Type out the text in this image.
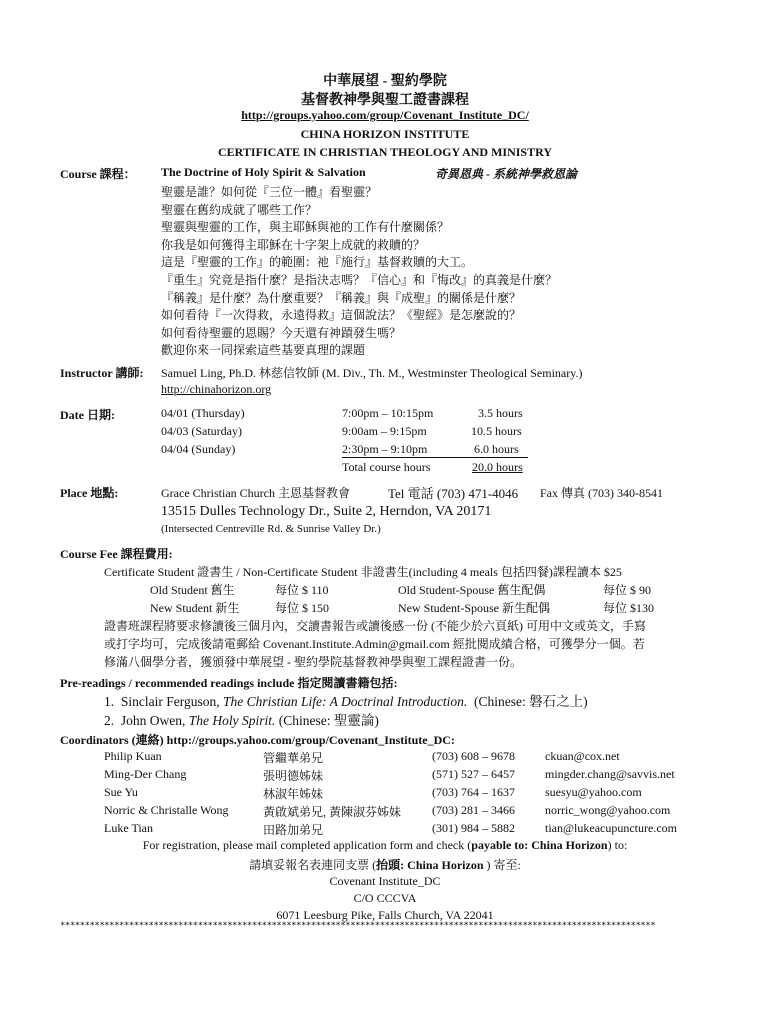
中華展望 - 聖約學院
基督教神學與聖工證書課程
http://groups.yahoo.com/group/Covenant_Institute_DC/
CHINA HORIZON INSTITUTE
CERTIFICATE IN CHRISTIAN THEOLOGY AND MINISTRY
Course 課程： The Doctrine of Holy Spirit & Salvation	奇異恩典 - 系統神學救恩論
聖靈是誰？如何從『三位一體』看聖靈？
聖靈在舊約成就了哪些工作？
聖靈與聖靈的工作，與主耶穌與祂的工作有什麼關係？
你我是如何獲得主耶穌在十字架上成就的救贖的？
這是『聖靈的工作』的範圍：祂『施行』基督救贖的大工。
『重生』究竟是指什麼？是指決志嗎？『信心』和『悔改』的真義是什麼？
『稱義』是什麼？為什麼重要？『稱義』與『成聖』的關係是什麼？
如何看待『一次得救，永遠得救』這個說法？《聖經》是怎麼說的？
如何看待聖靈的恩賜？今天還有神蹟發生嗎？
歡迎你來一同探索這些基要真理的課題
Instructor 講師: Samuel Ling, Ph.D. 林慈信牧師 (M. Div., Th. M., Westminster Theological Seminary.)
http://chinahorizon.org
Date 日期:	04/01 (Thursday)	7:00pm – 10:15pm	3.5 hours
04/03 (Saturday)	9:00am – 9:15pm	10.5 hours
04/04 (Sunday)	2:30pm – 9:10pm	6.0 hours
Total course hours	20.0 hours
Place 地點:	Grace Christian Church 主恩基督教會	Tel 電話 (703) 471-4046 Fax 傳真 (703) 340-8541
13515 Dulles Technology Dr., Suite 2, Herndon, VA 20171
(Intersected Centreville Rd. & Sunrise Valley Dr.)
Course Fee 課程費用:
Certificate Student 證書生 / Non-Certificate Student 非證書生(including 4 meals 包括四餐)課程讀本 $25
Old Student 舊生	每位 $ 110	Old Student-Spouse 舊生配偶	每位 $ 90
New Student 新生	每位 $ 150	New Student-Spouse 新生配偶	每位 $130
證書班課程將要求修讀後三個月內，交讀書報告或讀後感一份 (不能少於六頁紙) 可用中文或英文，手寫
或打字均可，完成後請電郵給 Covenant.Institute.Admin@gmail.com 經批閱成績合格，可獲學分一個。若
修滿八個學分者，獲頒發中華展望 - 聖約學院基督教神學與聖工課程證書一份。
Pre-readings / recommended readings include 指定閱讀書籍包括:
1. Sinclair Ferguson, The Christian Life: A Doctrinal Introduction. (Chinese: 磐石之上)
2. John Owen, The Holy Spirit. (Chinese: 聖靈論)
Coordinators (連絡) http://groups.yahoo.com/group/Covenant_Institute_DC:
Philip Kuan	管繼華弟兄	(703) 608 – 9678	ckuan@cox.net
Ming-Der Chang	張明德姊妹	(571) 527 – 6457	mingder.chang@savvis.net
Sue Yu	林淑年姊妹	(703) 764 – 1637	suesyu@yahoo.com
Norric & Christalle Wong	黃啟斌弟兄, 黃陳淑芬姊妹	(703) 281 – 3466	norric_wong@yahoo.com
Luke Tian	田路加弟兄	(301) 984 – 5882	tian@lukeacupuncture.com
For registration, please mail completed application form and check (payable to: China Horizon) to:
請填妥報名表連同支票 (抬頭: China Horizon ) 寄至:
Covenant Institute_DC
C/O CCCVA
6071 Leesburg Pike, Falls Church, VA 22041
*************************************************************************************************************************
